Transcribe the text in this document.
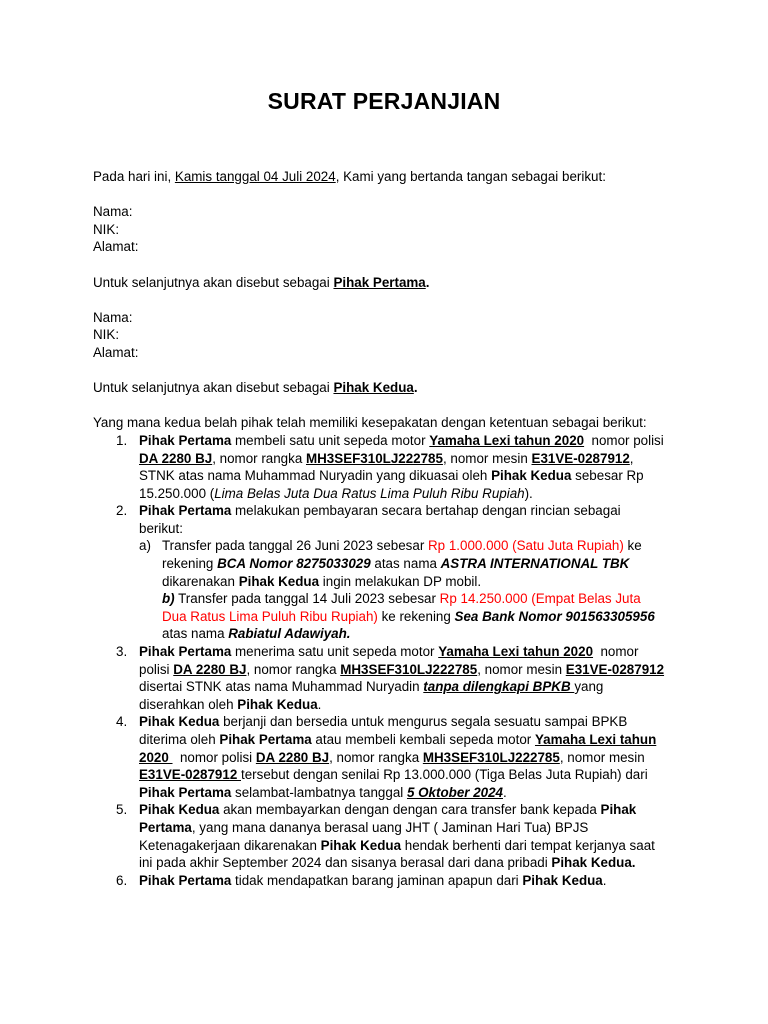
SURAT PERJANJIAN

Pada hari ini, Kamis tanggal 04 Juli 2024, Kami yang bertanda tangan sebagai berikut:

Nama:
NIK:
Alamat:

Untuk selanjutnya akan disebut sebagai Pihak Pertama.

Nama:
NIK:
Alamat:

Untuk selanjutnya akan disebut sebagai Pihak Kedua.

Yang mana kedua belah pihak telah memiliki kesepakatan dengan ketentuan sebagai berikut:

1. Pihak Pertama membeli satu unit sepeda motor Yamaha Lexi tahun 2020  nomor polisi DA 2280 BJ, nomor rangka MH3SEF310LJ222785, nomor mesin E31VE-0287912, STNK atas nama Muhammad Nuryadin yang dikuasai oleh Pihak Kedua sebesar Rp 15.250.000 (Lima Belas Juta Dua Ratus Lima Puluh Ribu Rupiah).
2. Pihak Pertama melakukan pembayaran secara bertahap dengan rincian sebagai berikut:
a) Transfer pada tanggal 26 Juni 2023 sebesar Rp 1.000.000 (Satu Juta Rupiah) ke rekening BCA Nomor 8275033029 atas nama ASTRA INTERNATIONAL TBK dikarenakan Pihak Kedua ingin melakukan DP mobil.
b) Transfer pada tanggal 14 Juli 2023 sebesar Rp 14.250.000 (Empat Belas Juta Dua Ratus Lima Puluh Ribu Rupiah) ke rekening Sea Bank Nomor 901563305956 atas nama Rabiatul Adawiyah.
3. Pihak Pertama menerima satu unit sepeda motor Yamaha Lexi tahun 2020  nomor polisi DA 2280 BJ, nomor rangka MH3SEF310LJ222785, nomor mesin E31VE-0287912 disertai STNK atas nama Muhammad Nuryadin tanpa dilengkapi BPKB yang diserahkan oleh Pihak Kedua.
4. Pihak Kedua berjanji dan bersedia untuk mengurus segala sesuatu sampai BPKB diterima oleh Pihak Pertama atau membeli kembali sepeda motor Yamaha Lexi tahun 2020   nomor polisi DA 2280 BJ, nomor rangka MH3SEF310LJ222785, nomor mesin E31VE-0287912 tersebut dengan senilai Rp 13.000.000 (Tiga Belas Juta Rupiah) dari Pihak Pertama selambat-lambatnya tanggal 5 Oktober 2024.
5. Pihak Kedua akan membayarkan dengan dengan cara transfer bank kepada Pihak Pertama, yang mana dananya berasal uang JHT ( Jaminan Hari Tua) BPJS Ketenagakerjaan dikarenakan Pihak Kedua hendak berhenti dari tempat kerjanya saat ini pada akhir September 2024 dan sisanya berasal dari dana pribadi Pihak Kedua.
6. Pihak Pertama tidak mendapatkan barang jaminan apapun dari Pihak Kedua.
